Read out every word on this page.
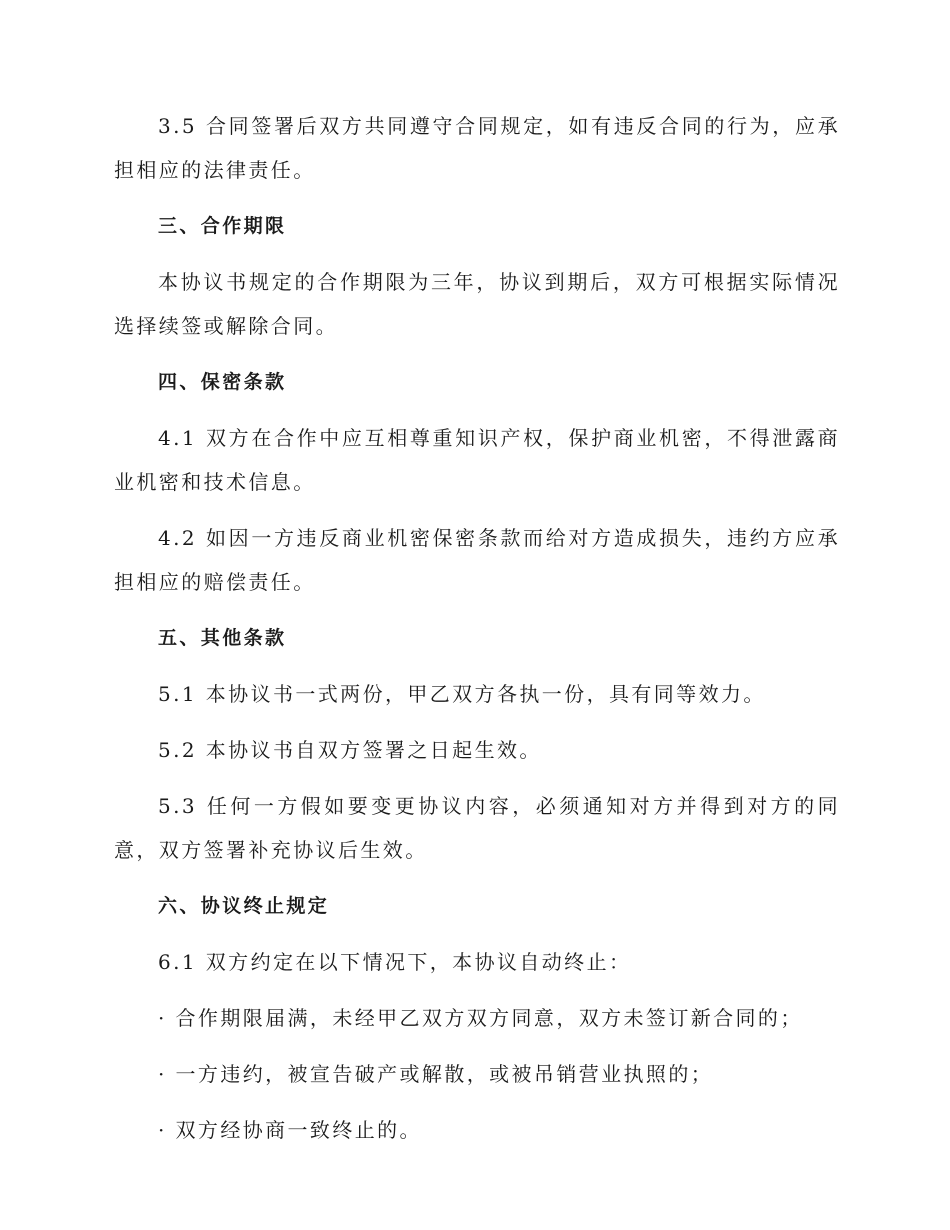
3.5 合同签署后双方共同遵守合同规定，如有违反合同的行为，应承担相应的法律责任。

三、合作期限

本协议书规定的合作期限为三年，协议到期后，双方可根据实际情况选择续签或解除合同。

四、保密条款

4.1 双方在合作中应互相尊重知识产权，保护商业机密，不得泄露商业机密和技术信息。

4.2 如因一方违反商业机密保密条款而给对方造成损失，违约方应承担相应的赔偿责任。

五、其他条款

5.1 本协议书一式两份，甲乙双方各执一份，具有同等效力。

5.2 本协议书自双方签署之日起生效。

5.3 任何一方假如要变更协议内容，必须通知对方并得到对方的同意，双方签署补充协议后生效。

六、协议终止规定

6.1 双方约定在以下情况下，本协议自动终止：

· 合作期限届满，未经甲乙双方双方同意，双方未签订新合同的；

· 一方违约，被宣告破产或解散，或被吊销营业执照的；

· 双方经协商一致终止的。
